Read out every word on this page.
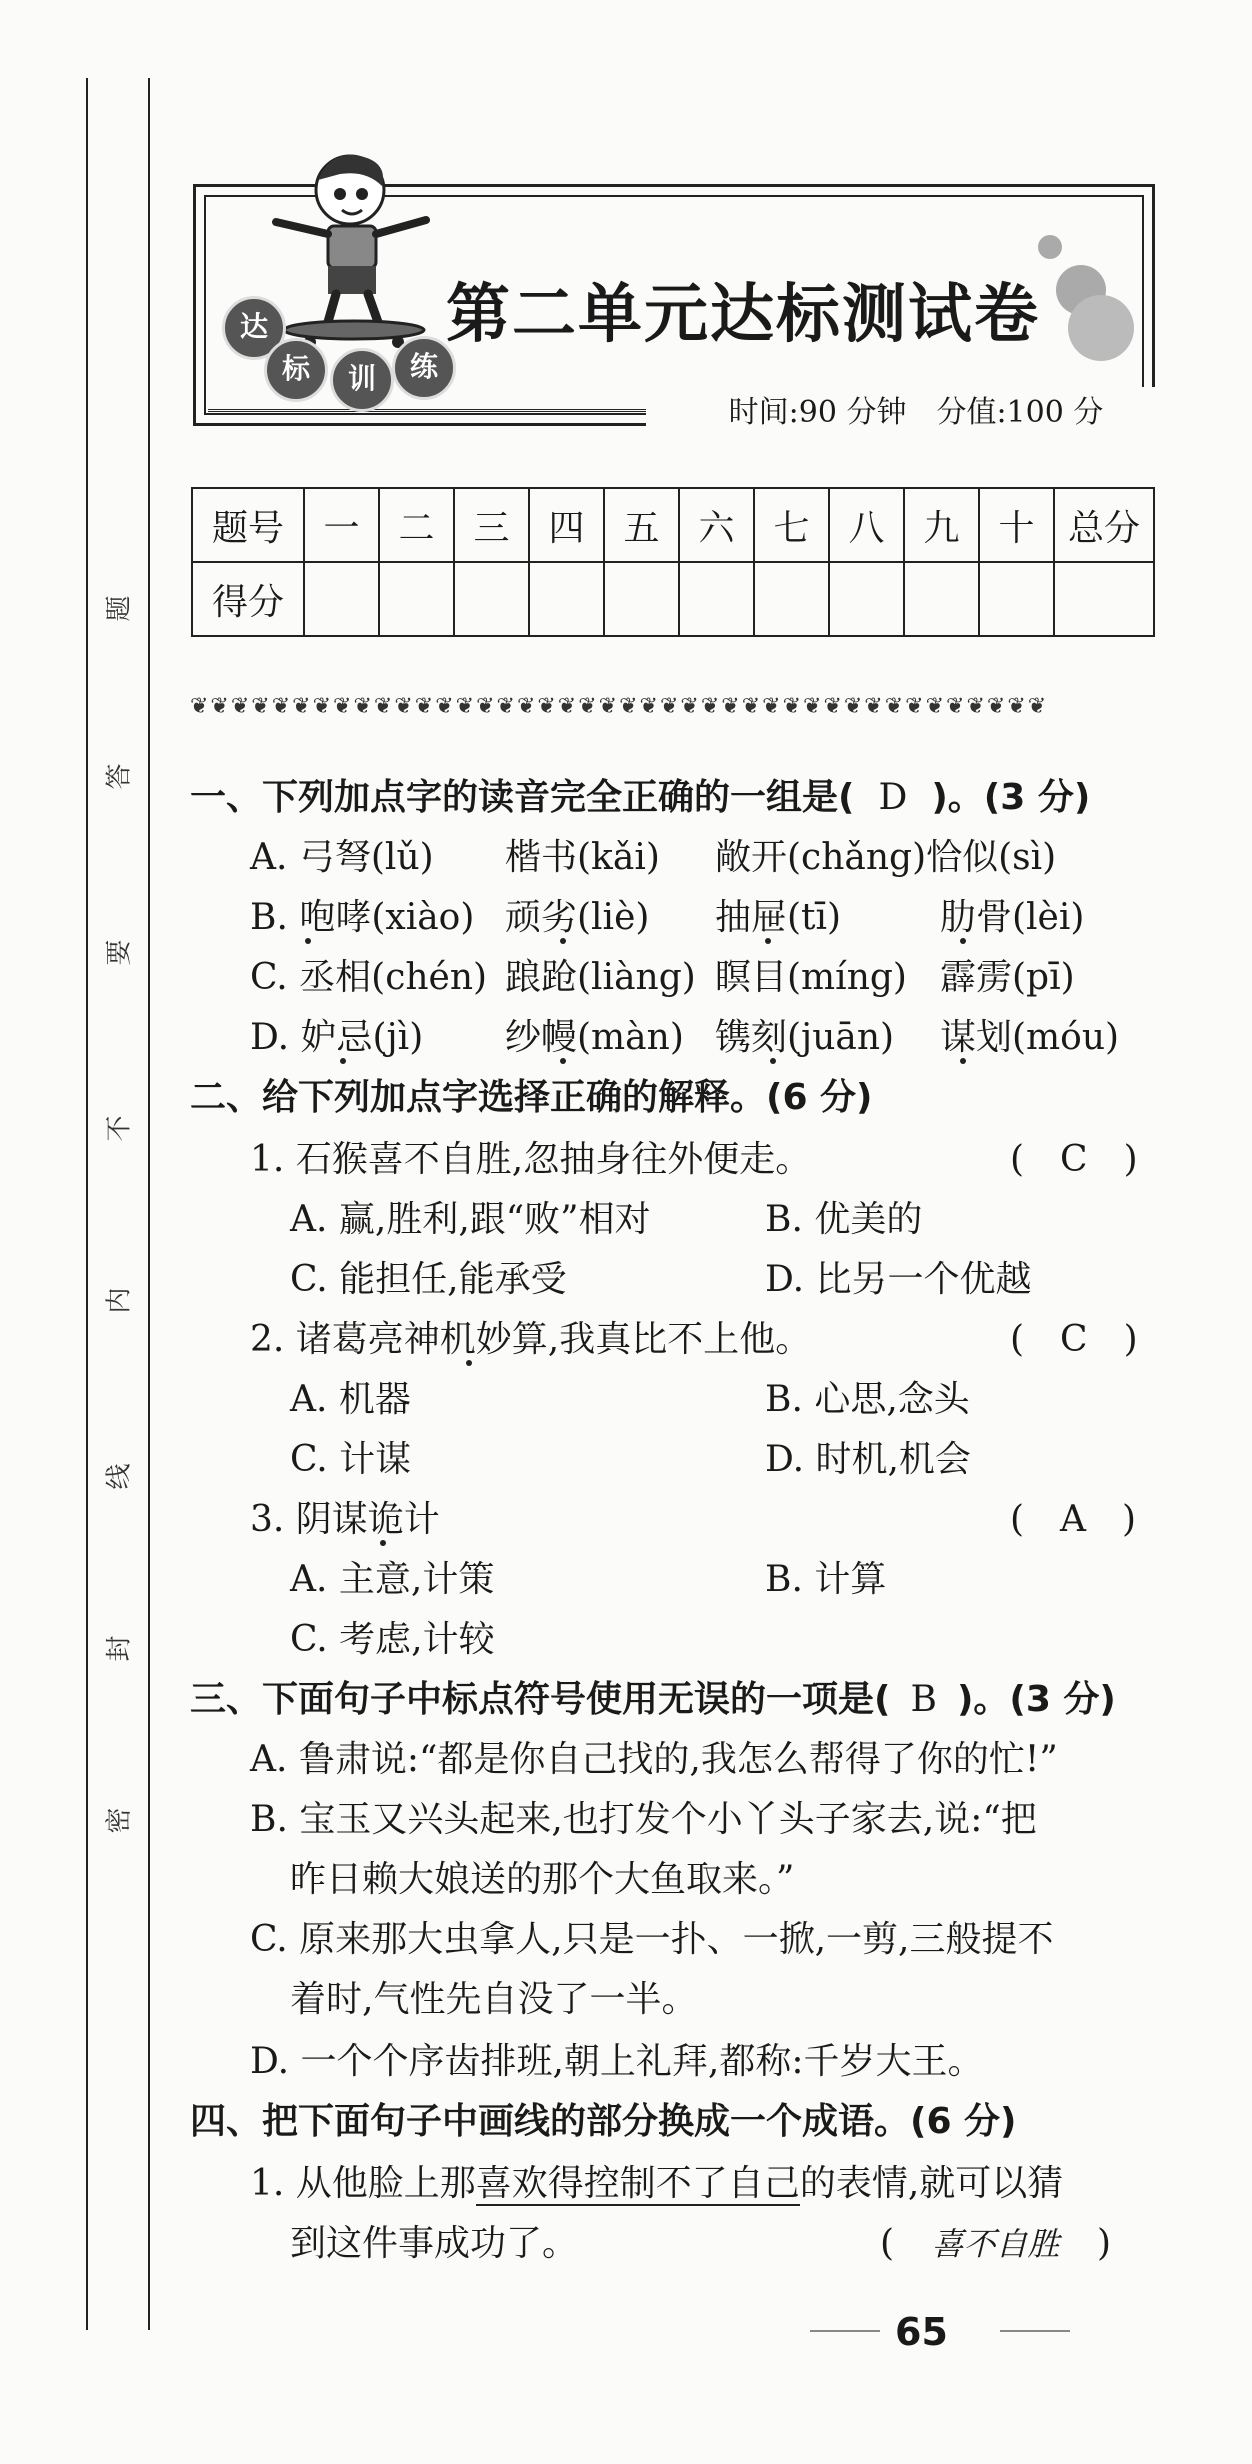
题
答
要
不
内
线
封
密
第二单元达标测试卷
时间:90 分钟　分值:100 分
达
标	训	练
题号	一	二	三	四	五	六	七	八	九	十	总分
得分											
❦❦❦❦❦❦❦❦❦❦❦❦❦❦❦❦❦❦❦❦❦❦❦❦❦❦❦❦❦❦❦❦❦❦❦❦❦❦❦❦❦❦
一、下列加点字的读音完全正确的一组是( D )。(3 分)
A. 弓弩(lǔ) 楷书(kǎi) 敞开(chǎng)恰似(sì)
B. 咆哮(xiào) 顽劣(liè) 抽屉(tī)	肋骨(lèi)
C. 丞相(chén) 踉跄(liàng) 瞑目(míng) 霹雳(pī)
D. 妒忌(jì) 纱幔(màn) 镌刻(juān) 谋划(móu)
二、给下列加点字选择正确的解释。(6 分)
1. 石猴喜不自胜,忽抽身往外便走。	(　C　)
A. 赢,胜利,跟“败”相对	B. 优美的
C. 能担任,能承受	D. 比另一个优越
2. 诸葛亮神机妙算,我真比不上他。	(　C　)
A. 机器	B. 心思,念头
C. 计谋	D. 时机,机会
3. 阴谋诡计	(　A　)
A. 主意,计策	B. 计算
C. 考虑,计较
三、下面句子中标点符号使用无误的一项是( B )。(3 分)
A. 鲁肃说:“都是你自己找的,我怎么帮得了你的忙!”
B. 宝玉又兴头起来,也打发个小丫头子家去,说:“把
昨日赖大娘送的那个大鱼取来。”
C. 原来那大虫拿人,只是一扑、一掀,一剪,三般提不
着时,气性先自没了一半。
D. 一个个序齿排班,朝上礼拜,都称:千岁大王。
四、把下面句子中画线的部分换成一个成语。(6 分)
1. 从他脸上那喜欢得控制不了自己的表情,就可以猜
到这件事成功了。	( 喜不自胜 )
65
